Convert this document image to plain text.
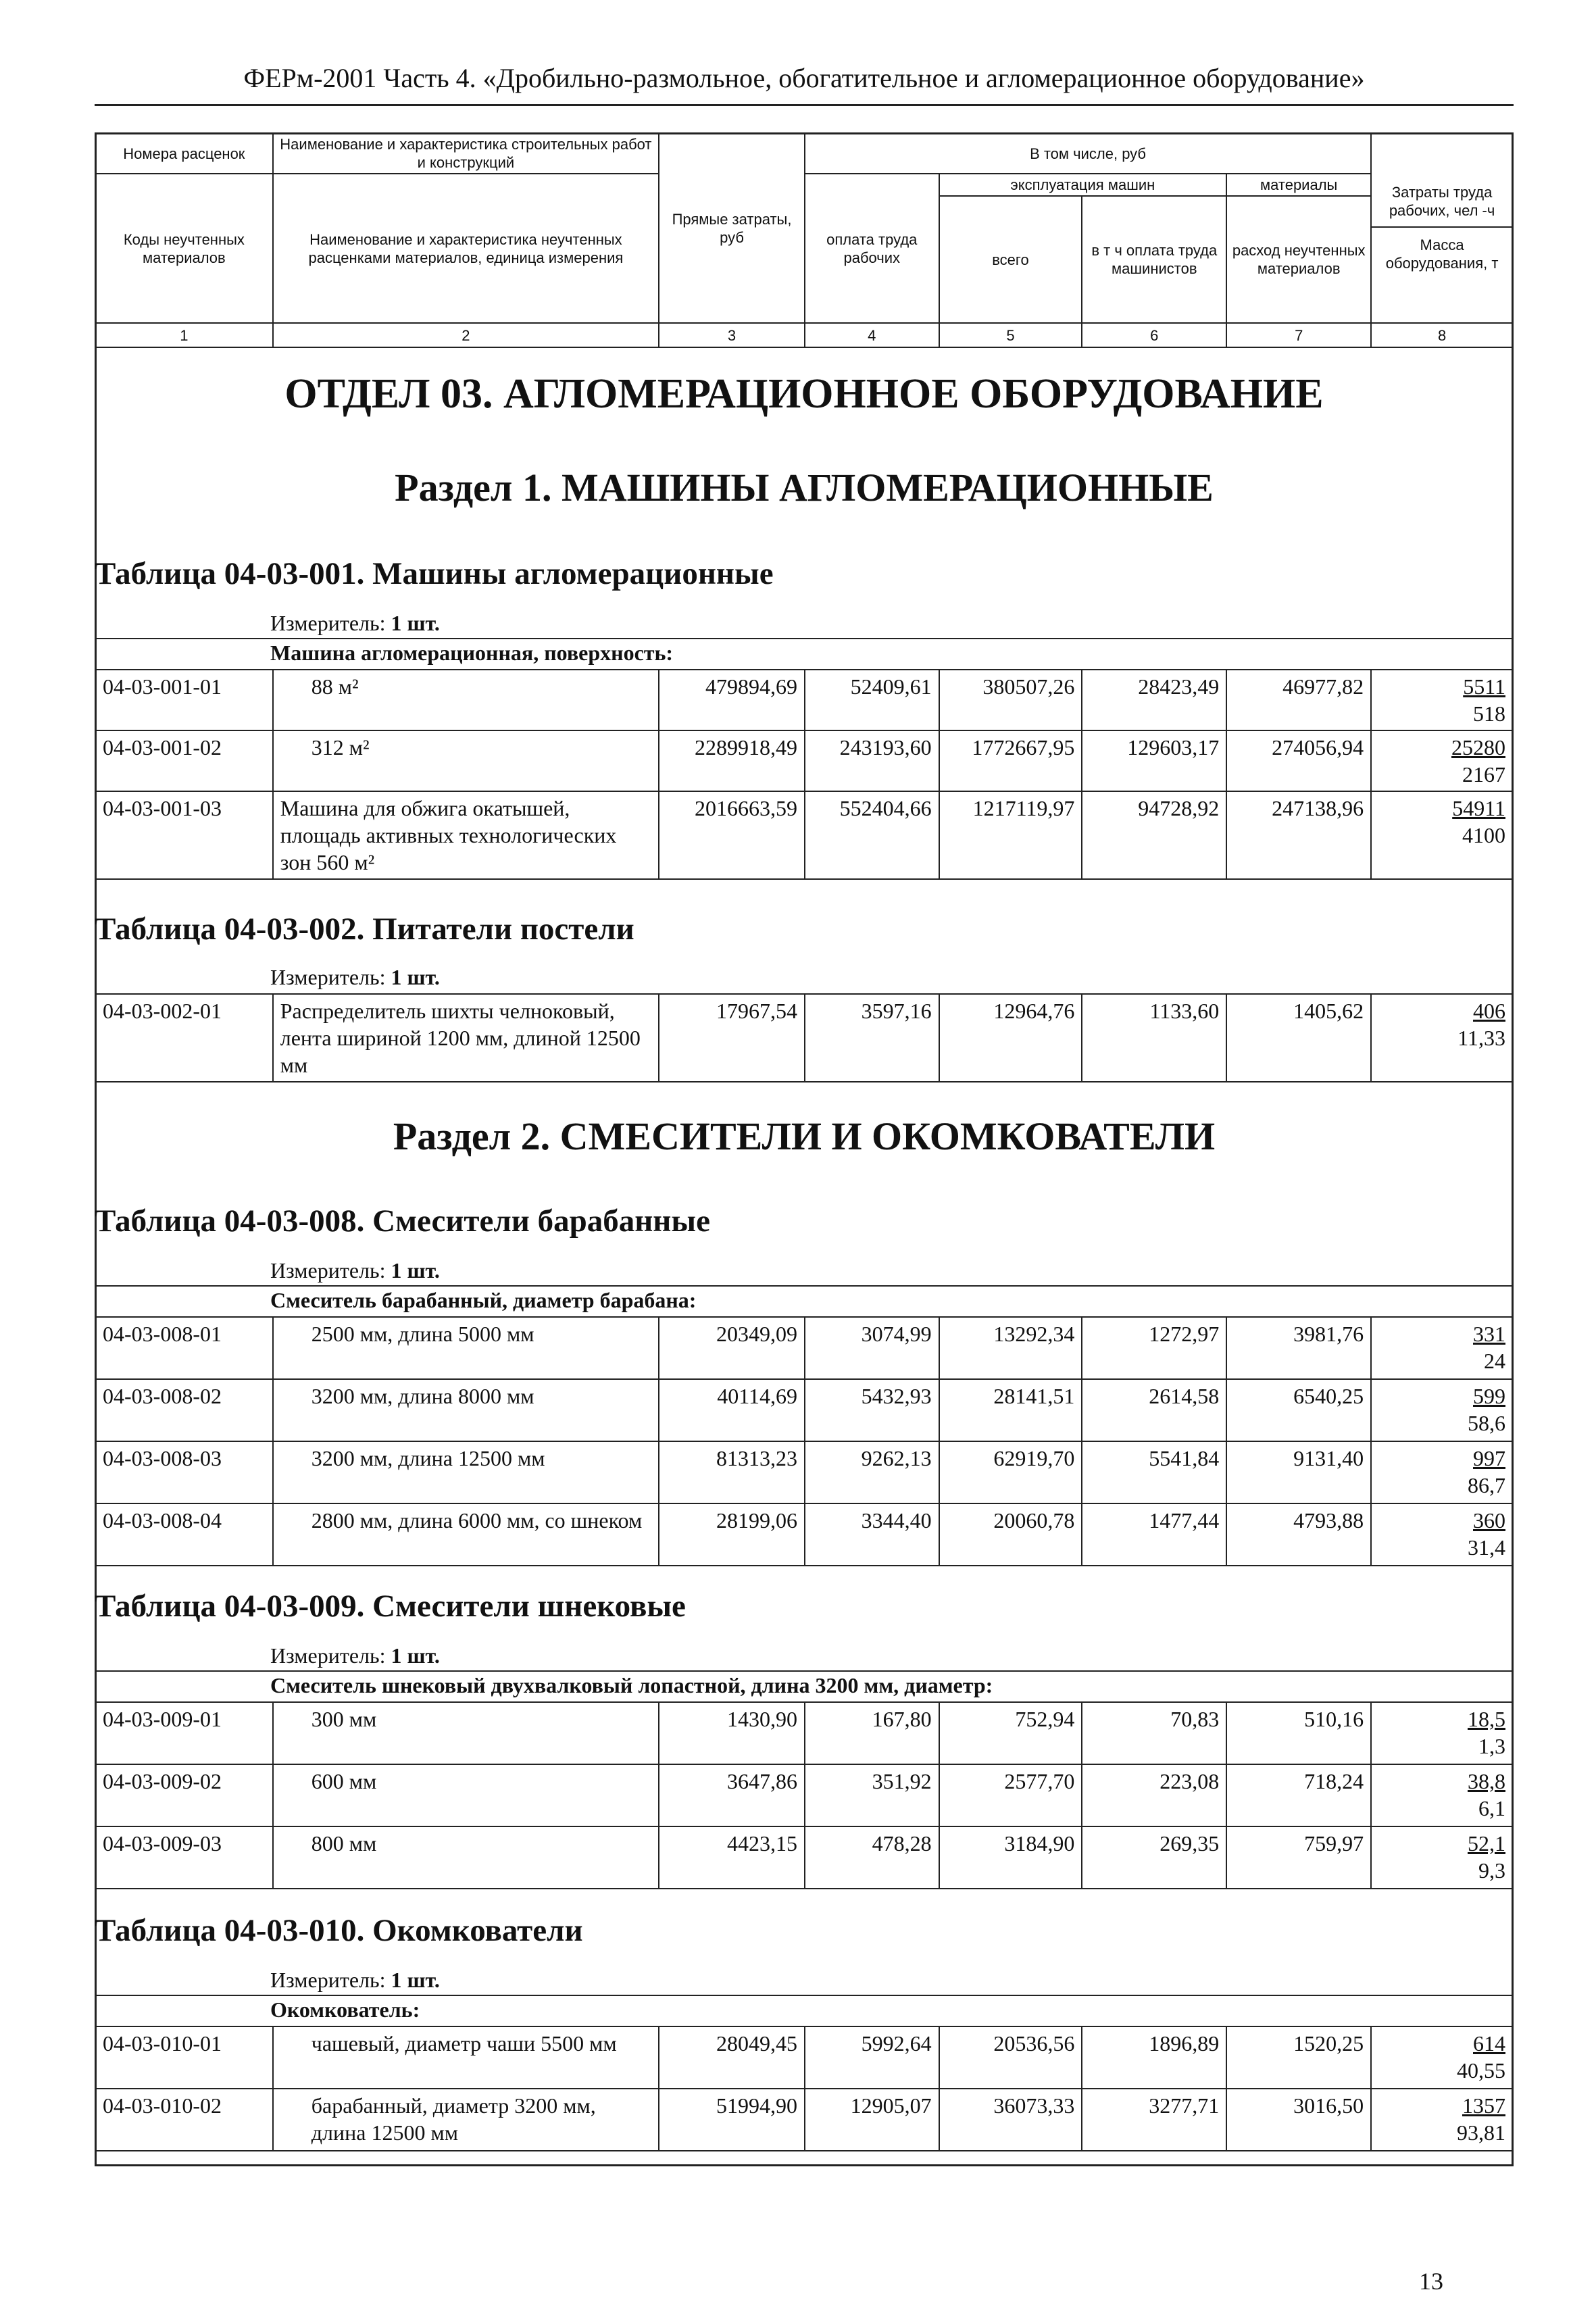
ФЕРм-2001 Часть 4. «Дробильно-размольное, обогатительное и агломерационное оборудование»
Номера расценок	Наименование и характеристика строительных работ и конструкций	Прямые затраты, руб	В том числе, руб				Затраты труда рабочих, чел -ч
Масса оборудования, т

Коды неучтенных материалов	Наименование и характеристика неучтенных расценками материалов, единица измерения		оплата труда рабочих	эксплуатация машин		материалы	
				всего	в т ч оплата труда машинистов	расход неучтенных материалов	
1	2	3	4	5	6	7	8
ОТДЕЛ 03. АГЛОМЕРАЦИОННОЕ ОБОРУДОВАНИЕ
Раздел 1. МАШИНЫ АГЛОМЕРАЦИОННЫЕ
Таблица 04-03-001. Машины агломерационные
Измеритель: 1 шт.
Машина агломерационная, поверхность:
04-03-001-01	88 м²	479894,69	52409,61	380507,26	28423,49	46977,82	5511
518

04-03-001-02	312 м²	2289918,49	243193,60	1772667,95	129603,17	274056,94	25280
2167

04-03-001-03	Машина для обжига окатышей, площадь активных технологических зон 560 м²	2016663,59	552404,66	1217119,97	94728,92	247138,96	54911
4100
Таблица 04-03-002. Питатели постели
Измеритель: 1 шт.
04-03-002-01	Распределитель шихты челноковый, лента шириной 1200 мм, длиной 12500 мм	17967,54	3597,16	12964,76	1133,60	1405,62	406
11,33
Раздел 2. СМЕСИТЕЛИ И ОКОМКОВАТЕЛИ
Таблица 04-03-008. Смесители барабанные
Измеритель: 1 шт.
Смеситель барабанный, диаметр барабана:
04-03-008-01	2500 мм, длина 5000 мм	20349,09	3074,99	13292,34	1272,97	3981,76	331
24

04-03-008-02	3200 мм, длина 8000 мм	40114,69	5432,93	28141,51	2614,58	6540,25	599
58,6

04-03-008-03	3200 мм, длина 12500 мм	81313,23	9262,13	62919,70	5541,84	9131,40	997
86,7

04-03-008-04	2800 мм, длина 6000 мм, со шнеком	28199,06	3344,40	20060,78	1477,44	4793,88	360
31,4
Таблица 04-03-009. Смесители шнековые
Измеритель: 1 шт.
Смеситель шнековый двухвалковый лопастной, длина 3200 мм, диаметр:
04-03-009-01	300 мм	1430,90	167,80	752,94	70,83	510,16	18,5
1,3

04-03-009-02	600 мм	3647,86	351,92	2577,70	223,08	718,24	38,8
6,1

04-03-009-03	800 мм	4423,15	478,28	3184,90	269,35	759,97	52,1
9,3
Таблица 04-03-010. Окомкователи
Измеритель: 1 шт.
Окомкователь:
04-03-010-01	чашевый, диаметр чаши 5500 мм	28049,45	5992,64	20536,56	1896,89	1520,25	614
40,55

04-03-010-02	барабанный, диаметр 3200 мм, длина 12500 мм	51994,90	12905,07	36073,33	3277,71	3016,50	1357
93,81
13
